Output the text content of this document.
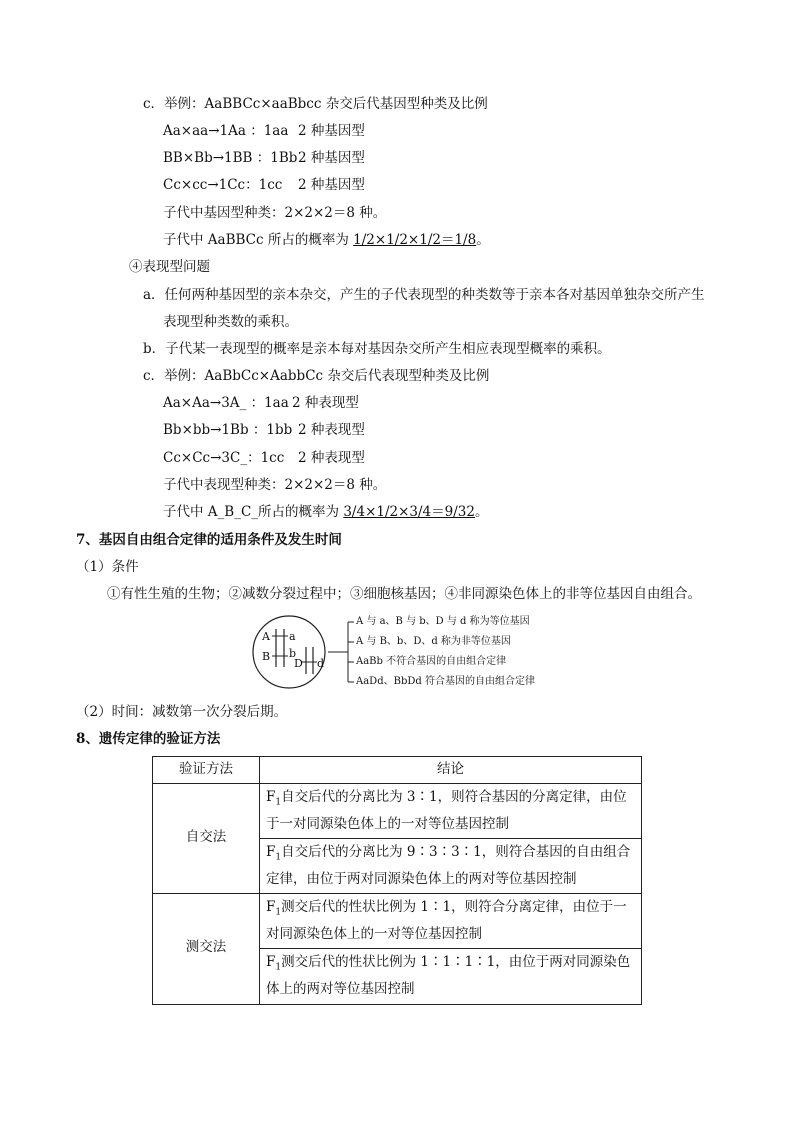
c．举例：AaBBCc×aaBbcc 杂交后代基因型种类及比例
Aa×aa→1Aa ：1aa 2 种基因型
BB×Bb→1BB ：1Bb 2 种基因型
Cc×cc→1Cc：1cc 2 种基因型
子代中基因型种类：2×2×2＝8 种。
子代中 AaBBCc 所占的概率为 1/2×1/2×1/2＝1/8。
④表现型问题
a．任何两种基因型的亲本杂交，产生的子代表现型的种类数等于亲本各对基因单独杂交所产生
表现型种类数的乘积。
b．子代某一表现型的概率是亲本每对基因杂交所产生相应表现型概率的乘积。
c．举例：AaBbCc×AabbCc 杂交后代表现型种类及比例
Aa×Aa→3A_ ：1aa 2 种表现型
Bb×bb→1Bb ：1bb 2 种表现型
Cc×Cc→3C_：1cc 2 种表现型
子代中表现型种类：2×2×2＝8 种。
子代中 A_B_C_所占的概率为 3/4×1/2×3/4＝9/32。
7、基因自由组合定律的适用条件及发生时间
（1）条件
①有性生殖的生物；②减数分裂过程中；③细胞核基因；④非同源染色体上的非等位基因自由组合。
A a
B b
D d
A 与 a、B 与 b、D 与 d 称为等位基因
A 与 B、b、D、d 称为非等位基因
AaBb 不符合基因的自由组合定律
AaDd、BbDd 符合基因的自由组合定律
（2）时间：减数第一次分裂后期。
8、遗传定律的验证方法
验证方法	结论
自交法
$F_1$自交后代的分离比为 3∶1，则符合基因的分离定律，由位
于一对同源染色体上的一对等位基因控制
$F_1$自交后代的分离比为 9∶3∶3∶1，则符合基因的自由组合
定律，由位于两对同源染色体上的两对等位基因控制
测交法
$F_1$测交后代的性状比例为 1∶1，则符合分离定律，由位于一
对同源染色体上的一对等位基因控制
$F_1$测交后代的性状比例为 1∶1∶1∶1，由位于两对同源染色
体上的两对等位基因控制
